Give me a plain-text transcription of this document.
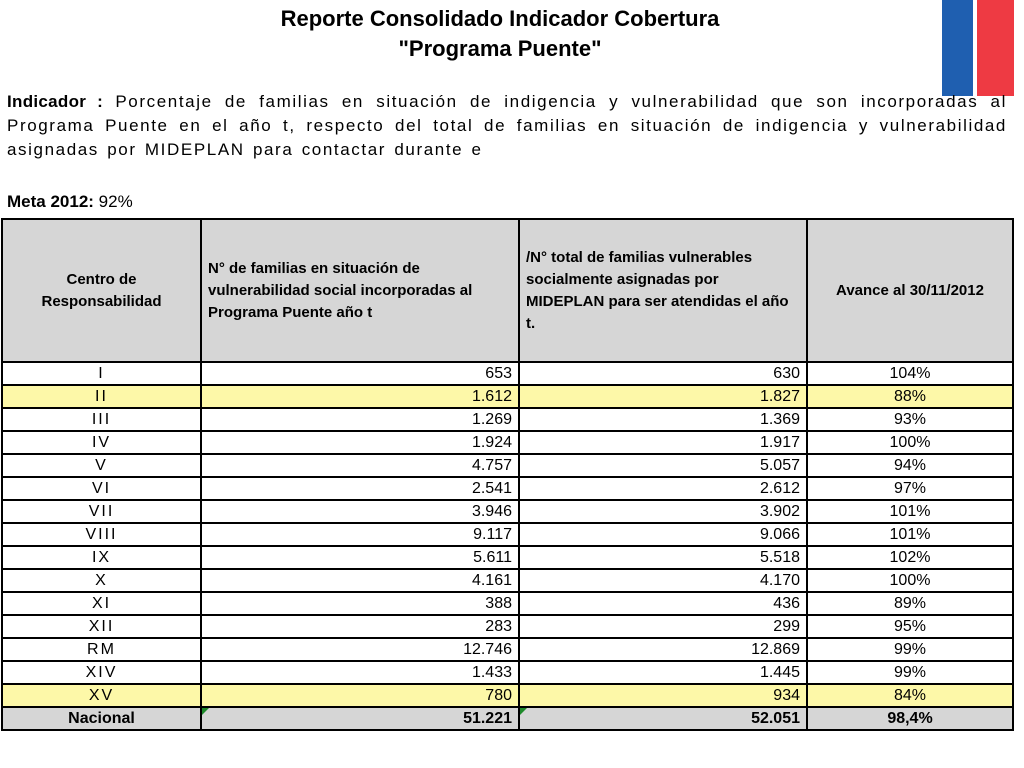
Reporte Consolidado Indicador Cobertura
"Programa Puente"
Indicador : Porcentaje de familias en situación de indigencia y vulnerabilidad que son incorporadas al Programa Puente en el año t, respecto del total de familias en situación de indigencia y vulnerabilidad asignadas por MIDEPLAN para contactar durante e
Meta 2012: 92%
Centro de Responsabilidad	N° de familias en situación de vulnerabilidad social incorporadas al Programa Puente año t	/N° total de familias vulnerables socialmente asignadas por MIDEPLAN para ser atendidas el año t.	Avance al 30/11/2012
I	653	630	104%
II	1.612	1.827	88%
III	1.269	1.369	93%
IV	1.924	1.917	100%
V	4.757	5.057	94%
VI	2.541	2.612	97%
VII	3.946	3.902	101%
VIII	9.117	9.066	101%
IX	5.611	5.518	102%
X	4.161	4.170	100%
XI	388	436	89%
XII	283	299	95%
RM	12.746	12.869	99%
XIV	1.433	1.445	99%
XV	780	934	84%
Nacional	51.221	52.051	98,4%
